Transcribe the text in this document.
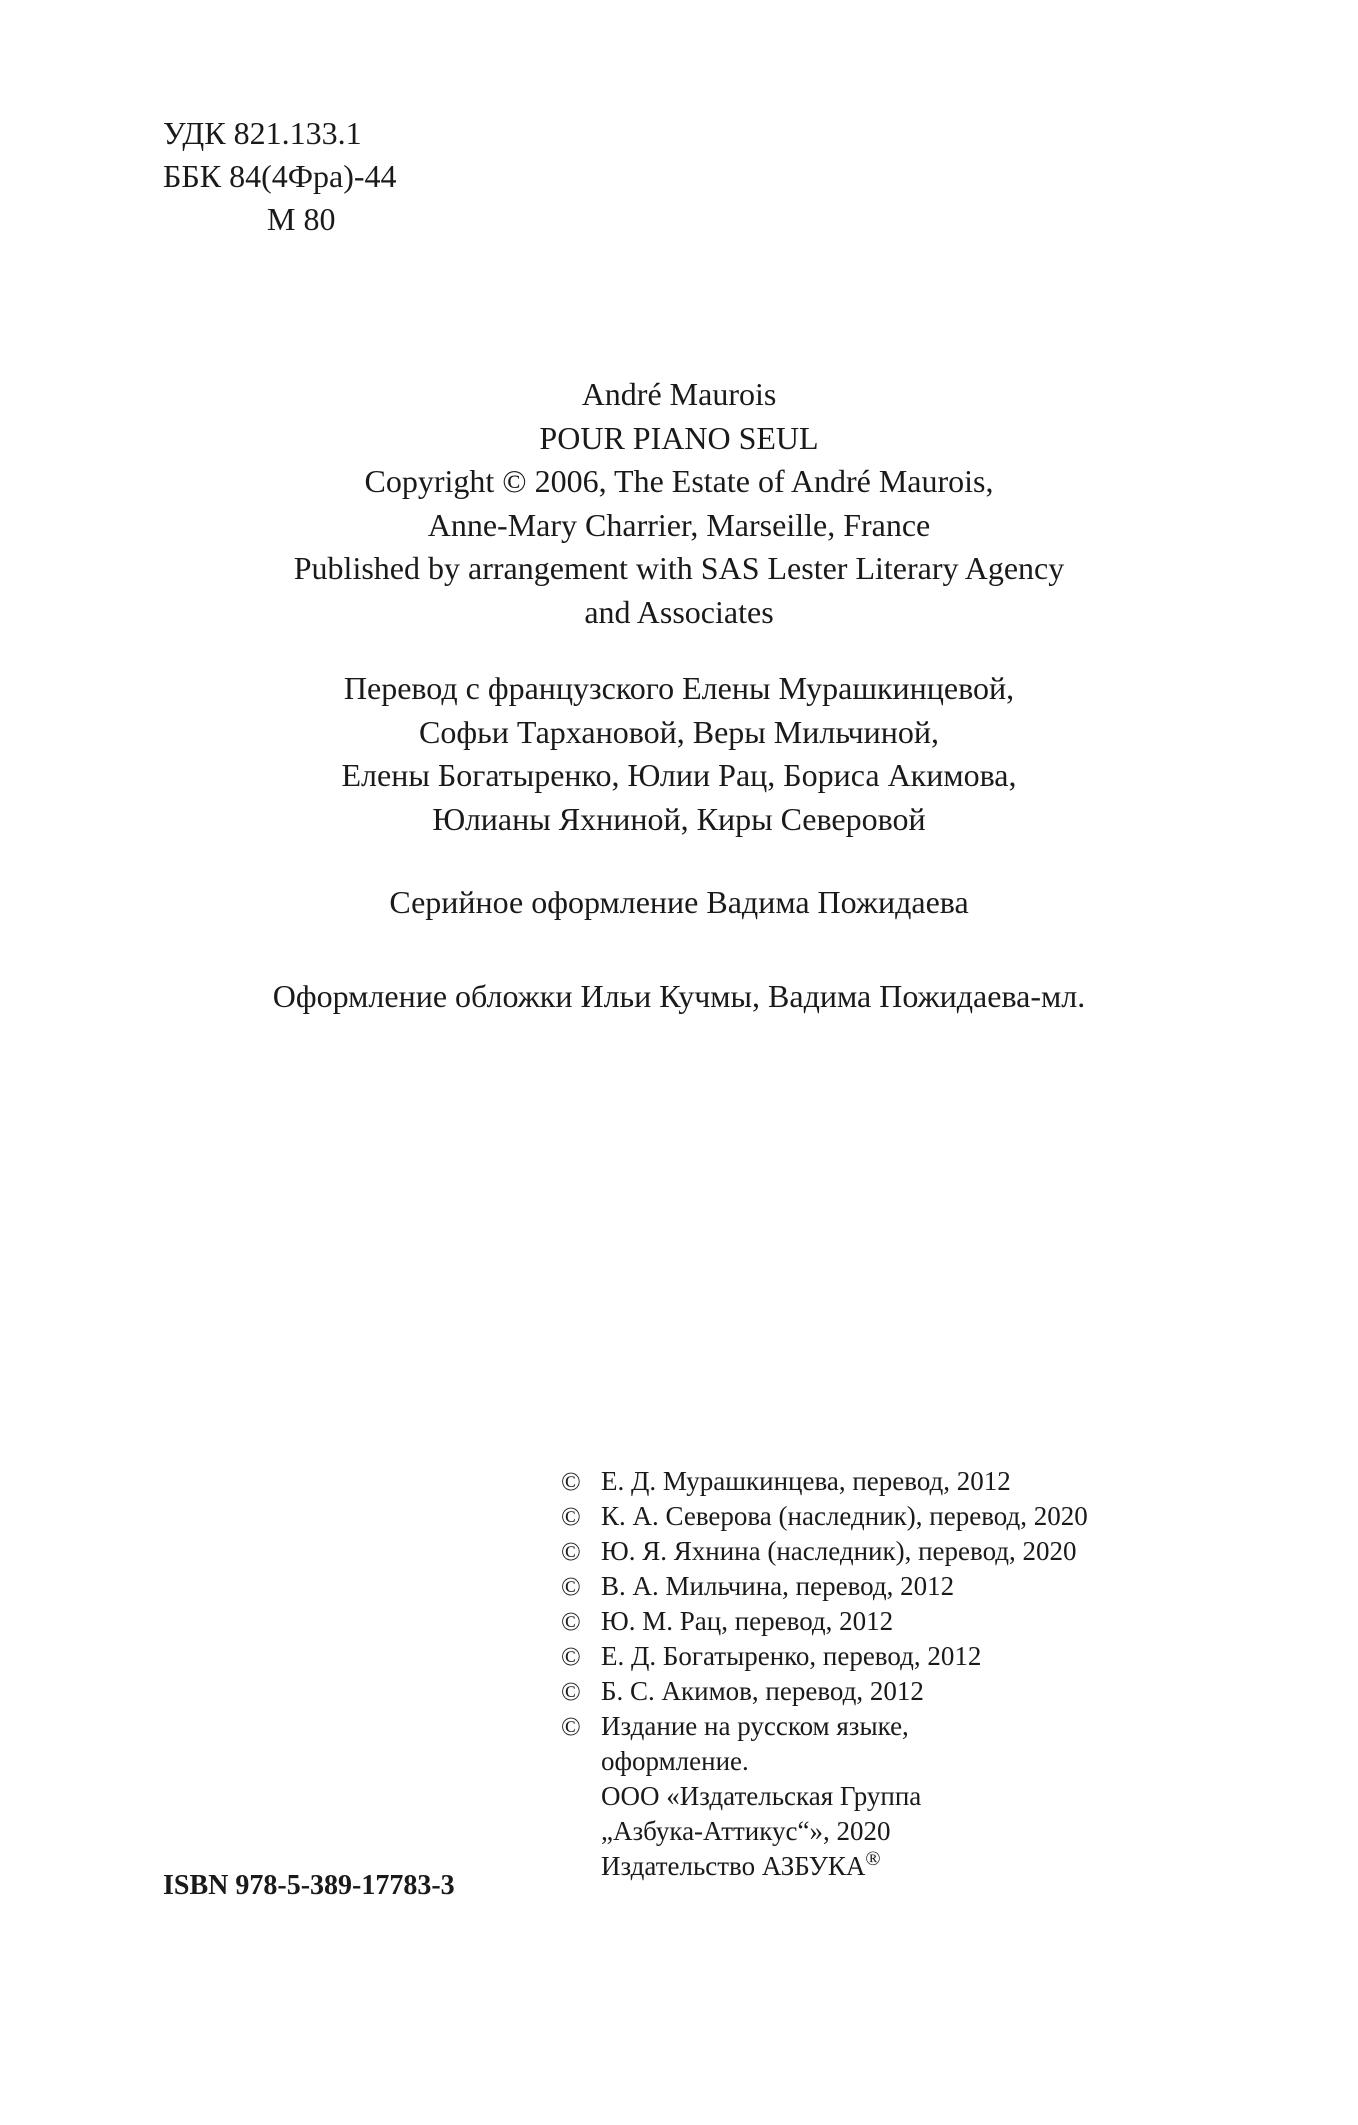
УДК 821.133.1
ББК 84(4Фра)-44
М 80
André Maurois
POUR PIANO SEUL
Copyright © 2006, The Estate of André Maurois,
Anne-Mary Charrier, Marseille, France
Published by arrangement with SAS Lester Literary Agency
and Associates
Перевод с французского Елены Мурашкинцевой,
Софьи Тархановой, Веры Мильчиной,
Елены Богатыренко, Юлии Рац, Бориса Акимова,
Юлианы Яхниной, Киры Северовой
Серийное оформление Вадима Пожидаева
Оформление обложки Ильи Кучмы, Вадима Пожидаева-мл.
© Е. Д. Мурашкинцева, перевод, 2012
© К. А. Северова (наследник), перевод, 2020
© Ю. Я. Яхнина (наследник), перевод, 2020
© В. А. Мильчина, перевод, 2012
© Ю. М. Рац, перевод, 2012
© Е. Д. Богатыренко, перевод, 2012
© Б. С. Акимов, перевод, 2012
© Издание на русском языке,
оформление.
ООО «Издательская Группа
„Азбука-Аттикус“», 2020
Издательство АЗБУКА®
ISBN 978-5-389-17783-3
